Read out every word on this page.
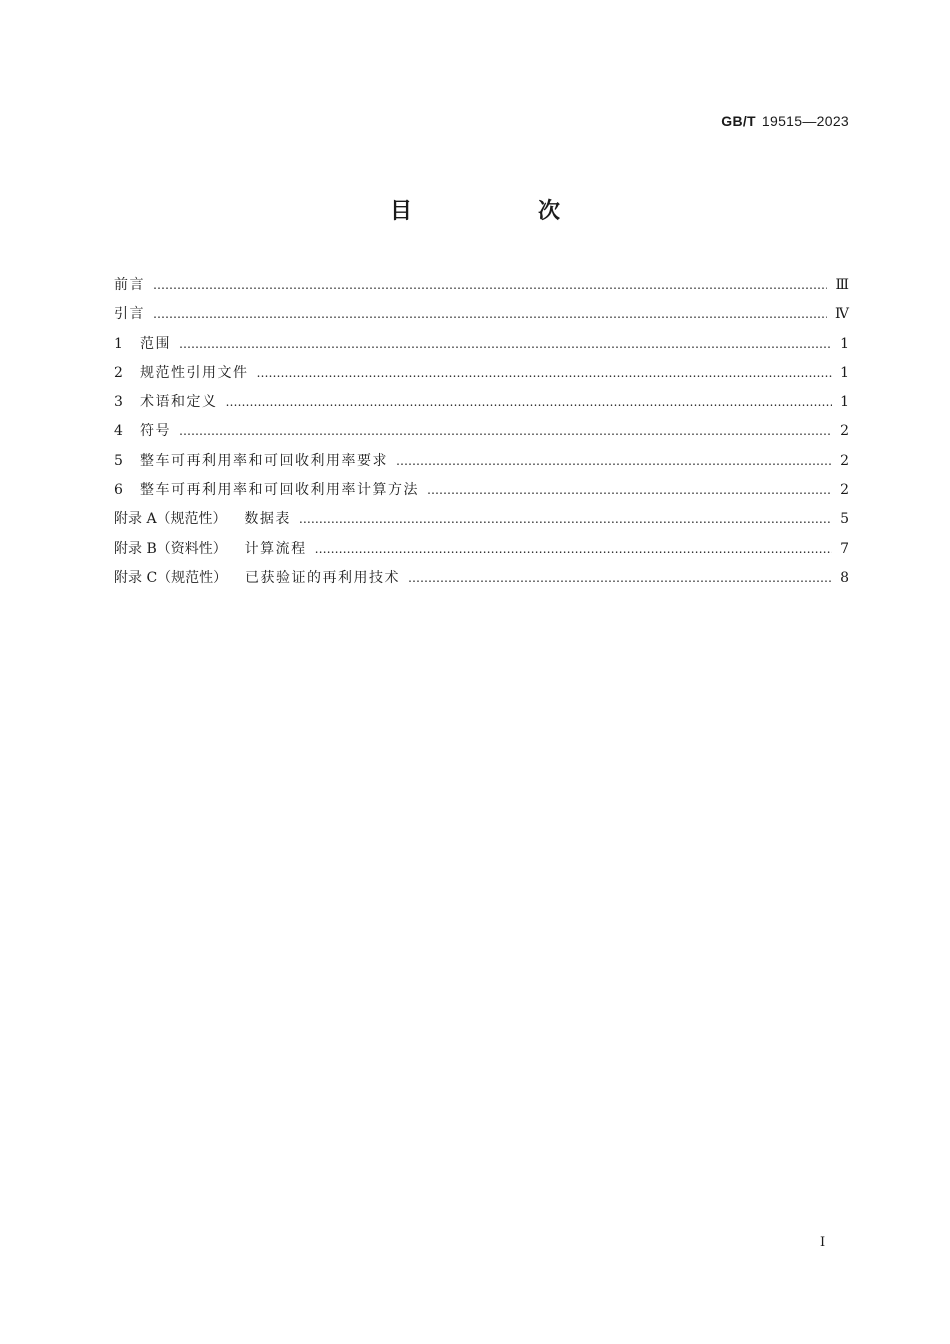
GB/T 19515—2023
目　次
前言 ……………………………………………………………………………………………………………………………………………………………………………………………………………………………	Ⅲ
引言 ……………………………………………………………………………………………………………………………………………………………………………………………………………………………	Ⅳ
1 范围 ……………………………………………………………………………………………………………………………………………………………………………………………………………………………	1
2 规范性引用文件 ……………………………………………………………………………………………………………………………………………………………………………………………………………………………	1
3 术语和定义 ……………………………………………………………………………………………………………………………………………………………………………………………………………………………	1
4 符号 ……………………………………………………………………………………………………………………………………………………………………………………………………………………………	2
5 整车可再利用率和可回收利用率要求 ……………………………………………………………………………………………………………………………………………………………………………………………………………………………	2
6 整车可再利用率和可回收利用率计算方法 ……………………………………………………………………………………………………………………………………………………………………………………………………………………………	2
附录 A（规范性） 数据表 ……………………………………………………………………………………………………………………………………………………………………………………………………………………………	5
附录 B（资料性） 计算流程 ……………………………………………………………………………………………………………………………………………………………………………………………………………………………	7
附录 C（规范性） 已获验证的再利用技术 ……………………………………………………………………………………………………………………………………………………………………………………………………………………………	8
Ⅰ
